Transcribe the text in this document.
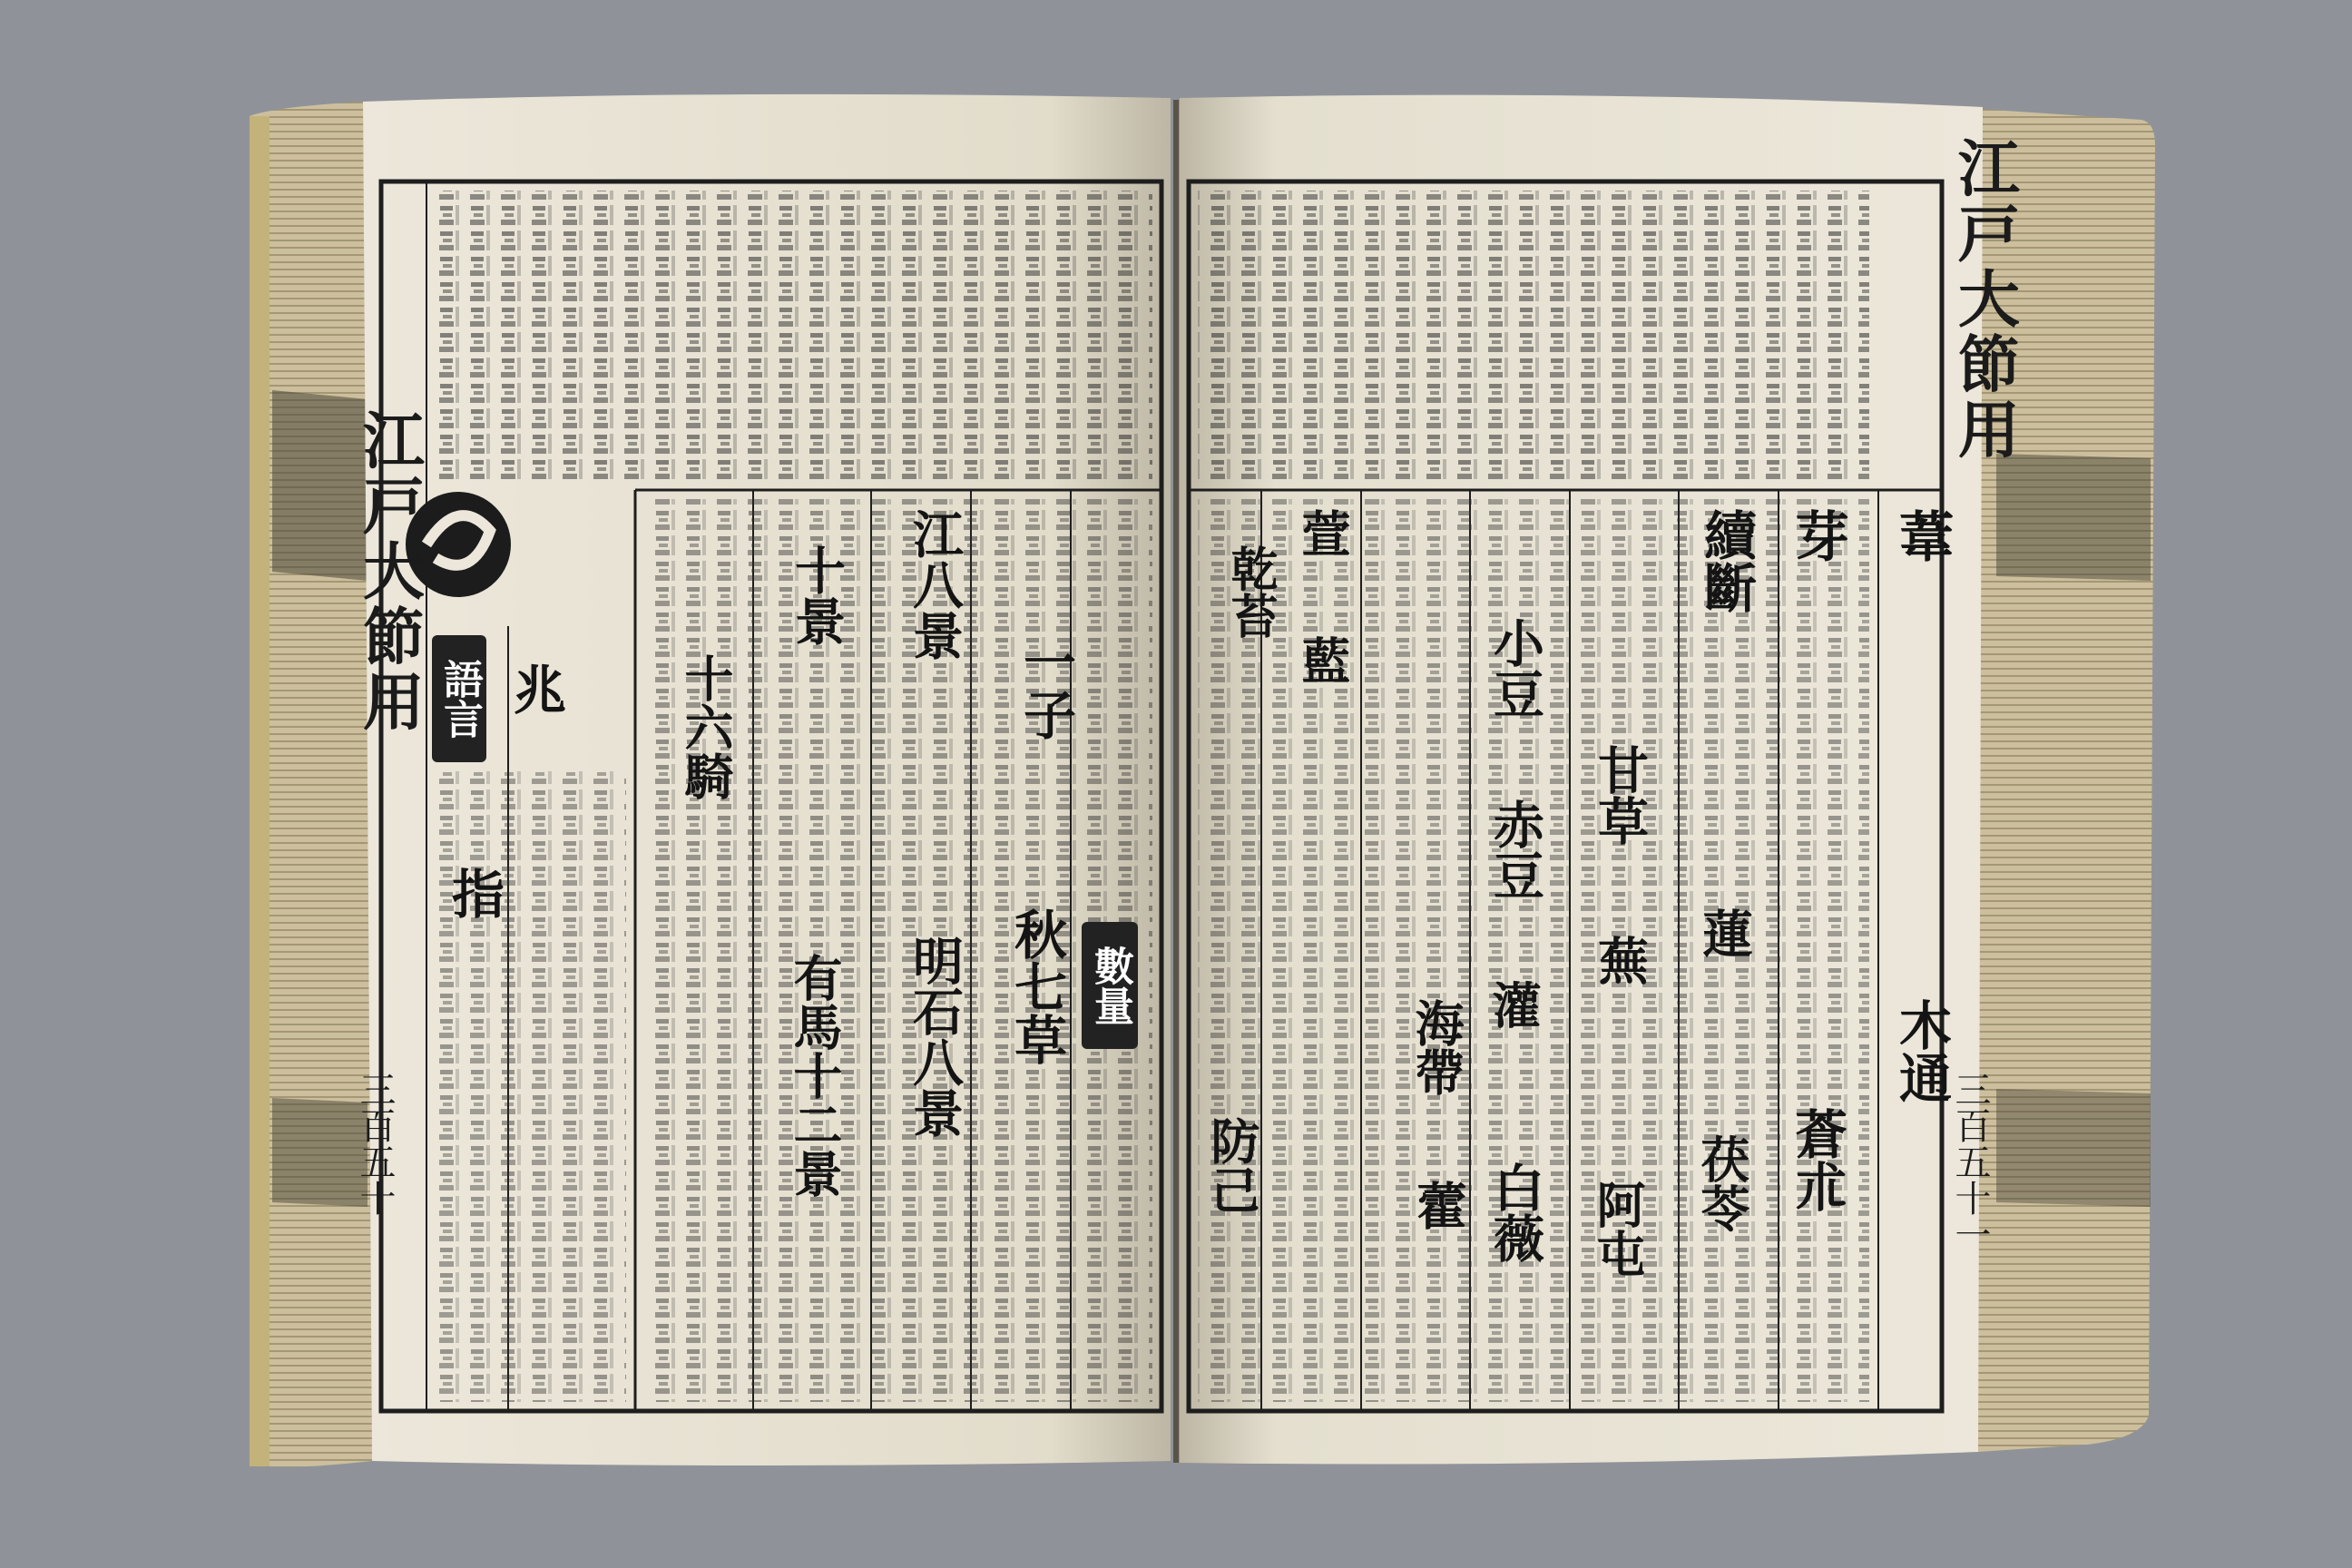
江戸大節用
三百五十
江戸大節用
三百五十一
語言
數量
兆
指
十景 江八景
明石八景 秋七草
有馬十二景
一子
十六騎
葦
芽
續斷
蓮
甘草
蕪
小豆
赤豆
灌
海帶
白薇
藿 阿屯 茯苓 蒼朮
木通
防己
萱
藍
乾苔
